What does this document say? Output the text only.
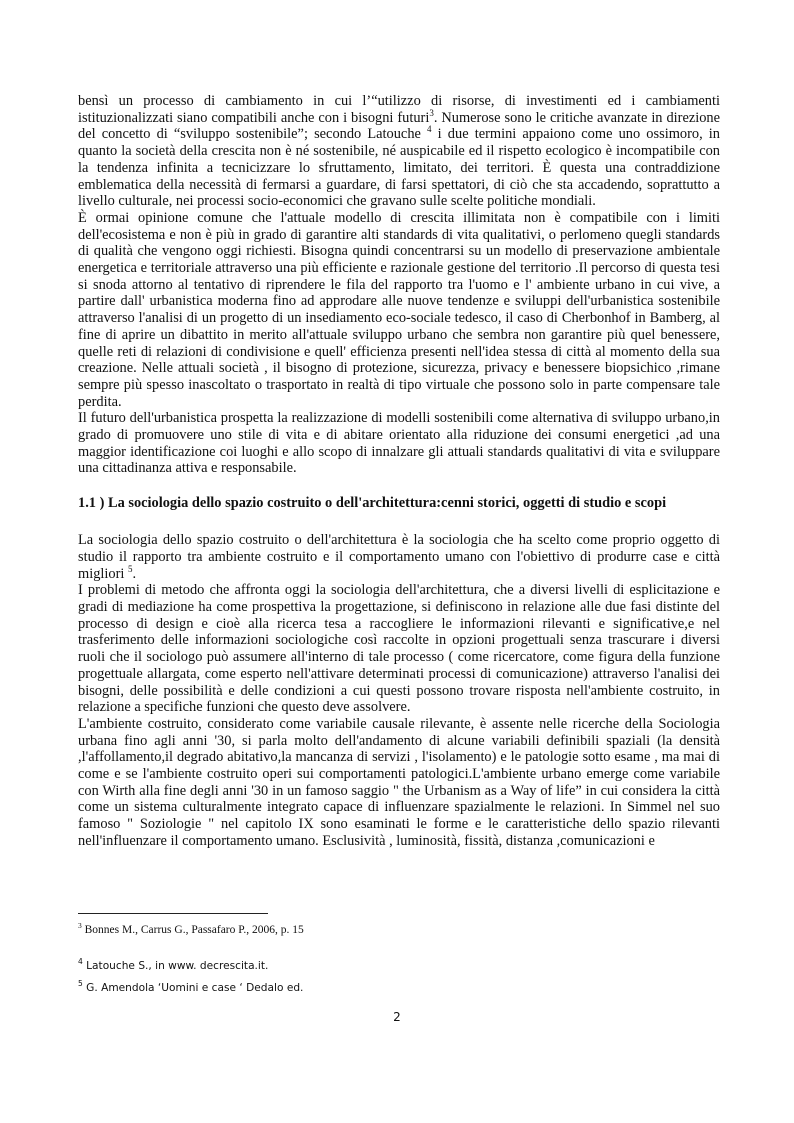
bensì un processo di cambiamento in cui l’“utilizzo di risorse, di investimenti ed i cambiamenti istituzionalizzati siano compatibili anche con i bisogni futuri$^3$. Numerose sono le critiche avanzate in direzione del concetto di “sviluppo sostenibile”; secondo Latouche $^4$ i due termini appaiono come uno ossimoro, in quanto la società della crescita non è né sostenibile, né auspicabile ed il rispetto ecologico è incompatibile con la tendenza infinita a tecnicizzare lo sfruttamento, limitato, dei territori. È questa una contraddizione emblematica della necessità di fermarsi a guardare, di farsi spettatori, di ciò che sta accadendo, soprattutto a livello culturale, nei processi socio-economici che gravano sulle scelte politiche mondiali.

È ormai opinione comune che l'attuale modello di crescita illimitata non è compatibile con i limiti dell'ecosistema e non è più in grado di garantire alti standards di vita qualitativi, o perlomeno quegli standards di qualità che vengono oggi richiesti. Bisogna quindi concentrarsi su un modello di preservazione ambientale energetica e territoriale attraverso una più efficiente e razionale gestione del territorio .Il percorso di questa tesi si snoda attorno al tentativo di riprendere le fila del rapporto tra l'uomo e l' ambiente urbano in cui vive, a partire dall' urbanistica moderna fino ad approdare alle nuove tendenze e sviluppi dell'urbanistica sostenibile attraverso l'analisi di un progetto di un insediamento eco-sociale tedesco, il caso di Cherbonhof in Bamberg, al fine di aprire un dibattito in merito all'attuale sviluppo urbano che sembra non garantire più quel benessere, quelle reti di relazioni di condivisione e quell' efficienza presenti nell'idea stessa di città al momento della sua creazione. Nelle attuali società , il bisogno di protezione, sicurezza, privacy e benessere biopsichico ,rimane sempre più spesso inascoltato o trasportato in realtà di tipo virtuale che possono solo in parte compensare tale perdita.

Il futuro dell'urbanistica prospetta la realizzazione di modelli sostenibili come alternativa di sviluppo urbano,in grado di promuovere uno stile di vita e di abitare orientato alla riduzione dei consumi energetici ,ad una maggior identificazione coi luoghi e allo scopo di innalzare gli attuali standards qualitativi di vita e sviluppare una cittadinanza attiva e responsabile.

1.1 ) La sociologia dello spazio costruito o dell'architettura:cenni storici, oggetti di studio e scopi

La sociologia dello spazio costruito o dell'architettura è la sociologia che ha scelto come proprio oggetto di studio il rapporto tra ambiente costruito e il comportamento umano con l'obiettivo di produrre case e città migliori $^5$.

I problemi di metodo che affronta oggi la sociologia dell'architettura, che a diversi livelli di esplicitazione e gradi di mediazione ha come prospettiva la progettazione, si definiscono in relazione alle due fasi distinte del processo di design e cioè alla ricerca tesa a raccogliere le informazioni rilevanti e significative,e nel trasferimento delle informazioni sociologiche così raccolte in opzioni progettuali senza trascurare i diversi ruoli che il sociologo può assumere all'interno di tale processo ( come ricercatore, come figura della funzione progettuale allargata, come esperto nell'attivare determinati processi di comunicazione) attraverso l'analisi dei bisogni, delle possibilità e delle condizioni a cui questi possono trovare risposta nell'ambiente costruito, in relazione a specifiche funzioni che questo deve assolvere.

L'ambiente costruito, considerato come variabile causale rilevante, è assente nelle ricerche della Sociologia urbana fino agli anni '30, si parla molto dell'andamento di alcune variabili definibili spaziali (la densità ,l'affollamento,il degrado abitativo,la mancanza di servizi , l'isolamento) e le patologie sotto esame , ma mai di come e se l'ambiente costruito operi sui comportamenti patologici.L'ambiente urbano emerge come variabile con Wirth alla fine degli anni '30 in un famoso saggio " the Urbanism as a Way of life” in cui considera la città come un sistema culturalmente integrato capace di influenzare spazialmente le relazioni. In Simmel nel suo famoso " Soziologie " nel capitolo IX sono esaminati le forme e le caratteristiche dello spazio rilevanti nell'influenzare il comportamento umano. Esclusività , luminosità, fissità, distanza ,comunicazioni e

$^3$ Bonnes M., Carrus G., Passafaro P., 2006, p. 15

$^4$ Latouche S., in www. decrescita.it.

$^5$ G. Amendola ‘Uomini e case ‘ Dedalo ed.

2
